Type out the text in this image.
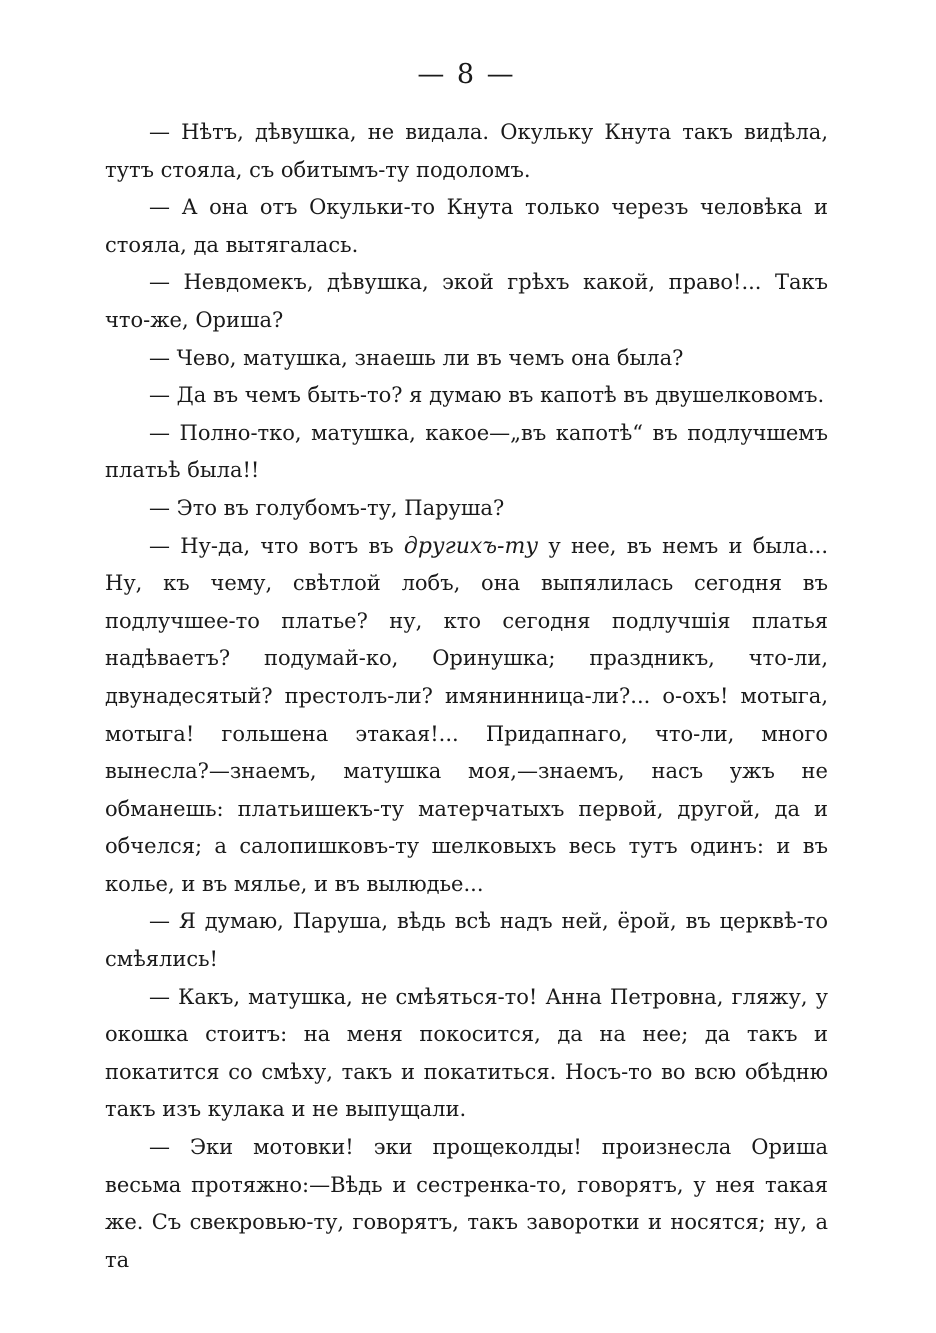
— 8 —

— Нѣтъ, дѣвушка, не видала. Окульку Кнута такъ видѣла, тутъ стояла, съ обитымъ-ту подоломъ.

— А она отъ Окульки-то Кнута только черезъ человѣка и стояла, да вытягалась.

— Невдомекъ, дѣвушка, экой грѣхъ какой, право!... Такъ что-же, Ориша?

— Чево, матушка, знаешь ли въ чемъ она была?

— Да въ чемъ быть-то? я думаю въ капотѣ въ двушелковомъ.

— Полно-тко, матушка, какое—„въ капотѣ“ въ подлучшемъ платьѣ была!!

— Это въ голубомъ-ту, Паруша?

— Ну-да, что вотъ въ другихъ-ту у нее, въ немъ и была... Ну, къ чему, свѣтлой лобъ, она выпялилась сегодня въ подлучшее-то платье? ну, кто сегодня подлучшія платья надѣваетъ? подумай-ко, Оринушка; праздникъ, что-ли, двунадесятый? престолъ-ли? имянинница-ли?... о-охъ! мотыга, мотыга! гольшена этакая!... Придапнаго, что-ли, много вынесла?—знаемъ, матушка моя,—знаемъ, насъ ужъ не обманешь: платьишекъ-ту матерчатыхъ первой, другой, да и обчелся; а салопишковъ-ту шелковыхъ весь тутъ одинъ: и въ колье, и въ мялье, и въ вылюдье...

— Я думаю, Паруша, вѣдь всѣ надъ ней, ёрой, въ церквѣ-то смѣялись!

— Какъ, матушка, не смѣяться-то! Анна Петровна, гляжу, у окошка стоитъ: на меня покосится, да на нее; да такъ и покатится со смѣху, такъ и покатиться. Носъ-то во всю обѣдню такъ изъ кулака и не выпущали.

— Эки мотовки! эки прощеколды! произнесла Ориша весьма протяжно:—Вѣдь и сестренка-то, говорятъ, у нея такая же. Съ свекровью-ту, говорятъ, такъ заворотки и носятся; ну, а та
